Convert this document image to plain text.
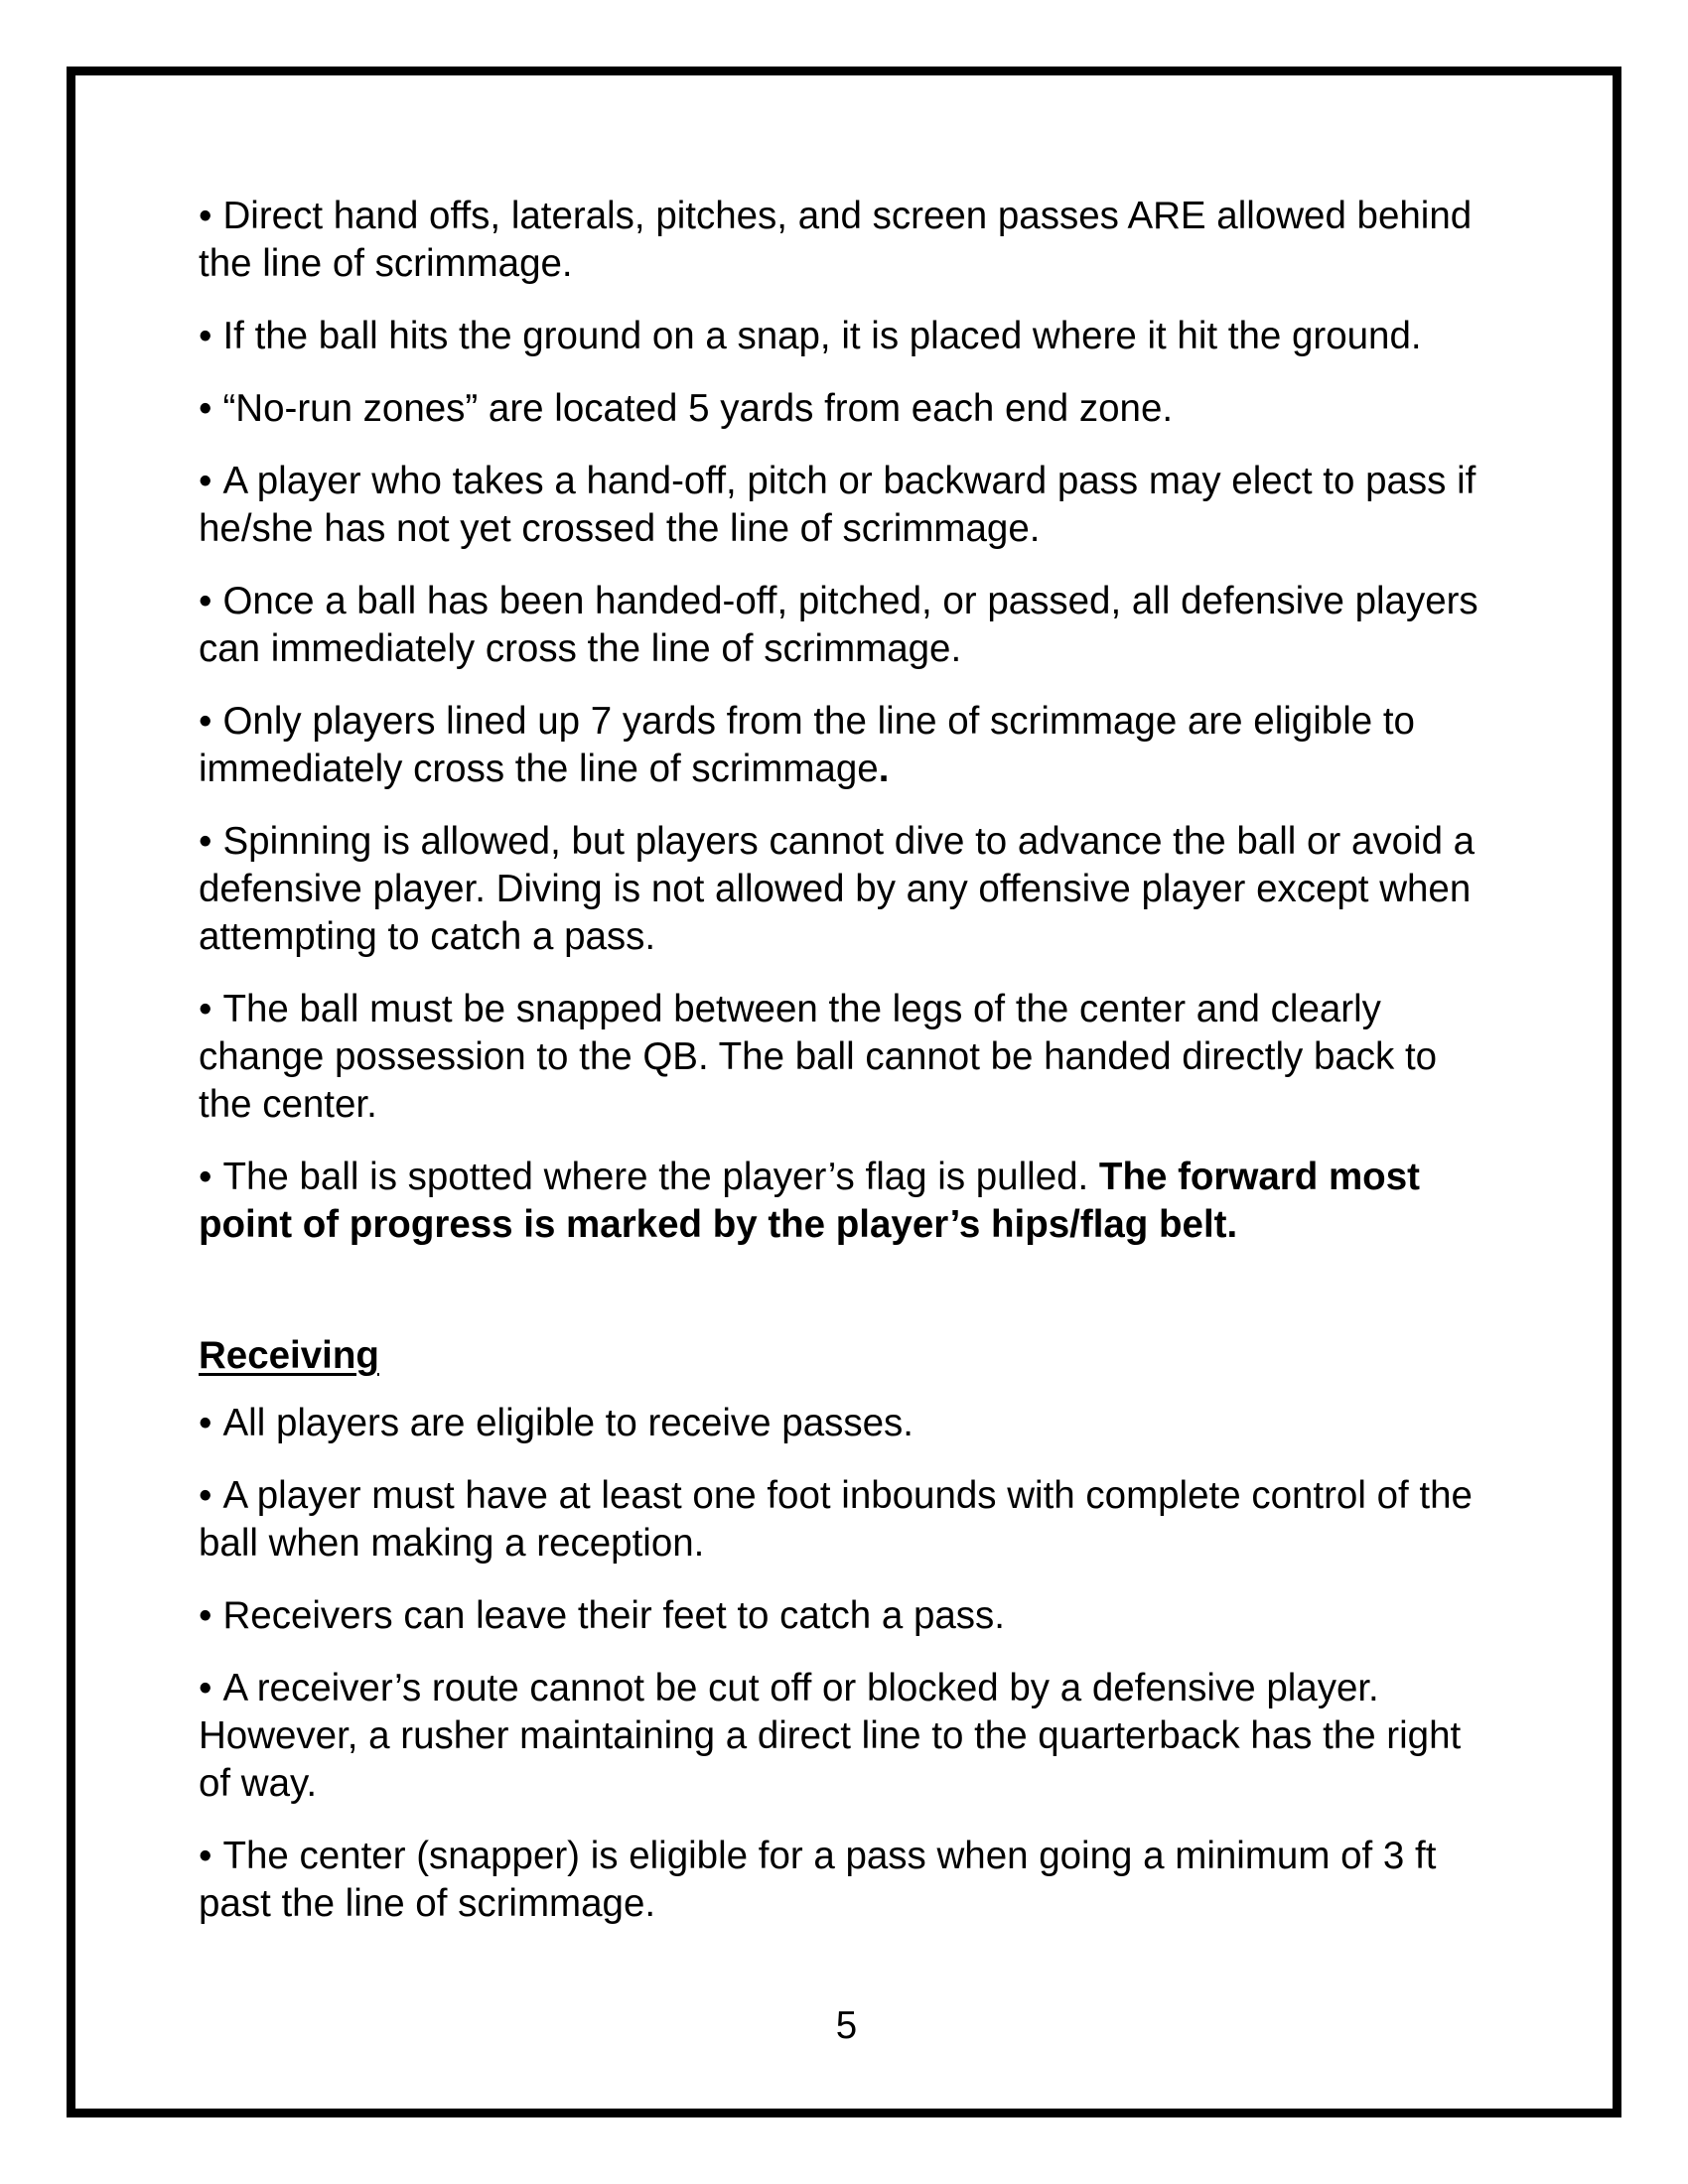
• Direct hand offs, laterals, pitches, and screen passes ARE allowed behind the line of scrimmage.

• If the ball hits the ground on a snap, it is placed where it hit the ground.

• “No-run zones” are located 5 yards from each end zone.

• A player who takes a hand-off, pitch or backward pass may elect to pass if he/she has not yet crossed the line of scrimmage.

• Once a ball has been handed-off, pitched, or passed, all defensive players can immediately cross the line of scrimmage.

• Only players lined up 7 yards from the line of scrimmage are eligible to immediately cross the line of scrimmage.

• Spinning is allowed, but players cannot dive to advance the ball or avoid a defensive player. Diving is not allowed by any offensive player except when attempting to catch a pass.

• The ball must be snapped between the legs of the center and clearly change possession to the QB. The ball cannot be handed directly back to the center.

• The ball is spotted where the player’s flag is pulled. The forward most point of progress is marked by the player’s hips/flag belt.

Receiving

• All players are eligible to receive passes.

• A player must have at least one foot inbounds with complete control of the ball when making a reception.

• Receivers can leave their feet to catch a pass.

• A receiver’s route cannot be cut off or blocked by a defensive player. However, a rusher maintaining a direct line to the quarterback has the right of way.

• The center (snapper) is eligible for a pass when going a minimum of 3 ft past the line of scrimmage.

5
